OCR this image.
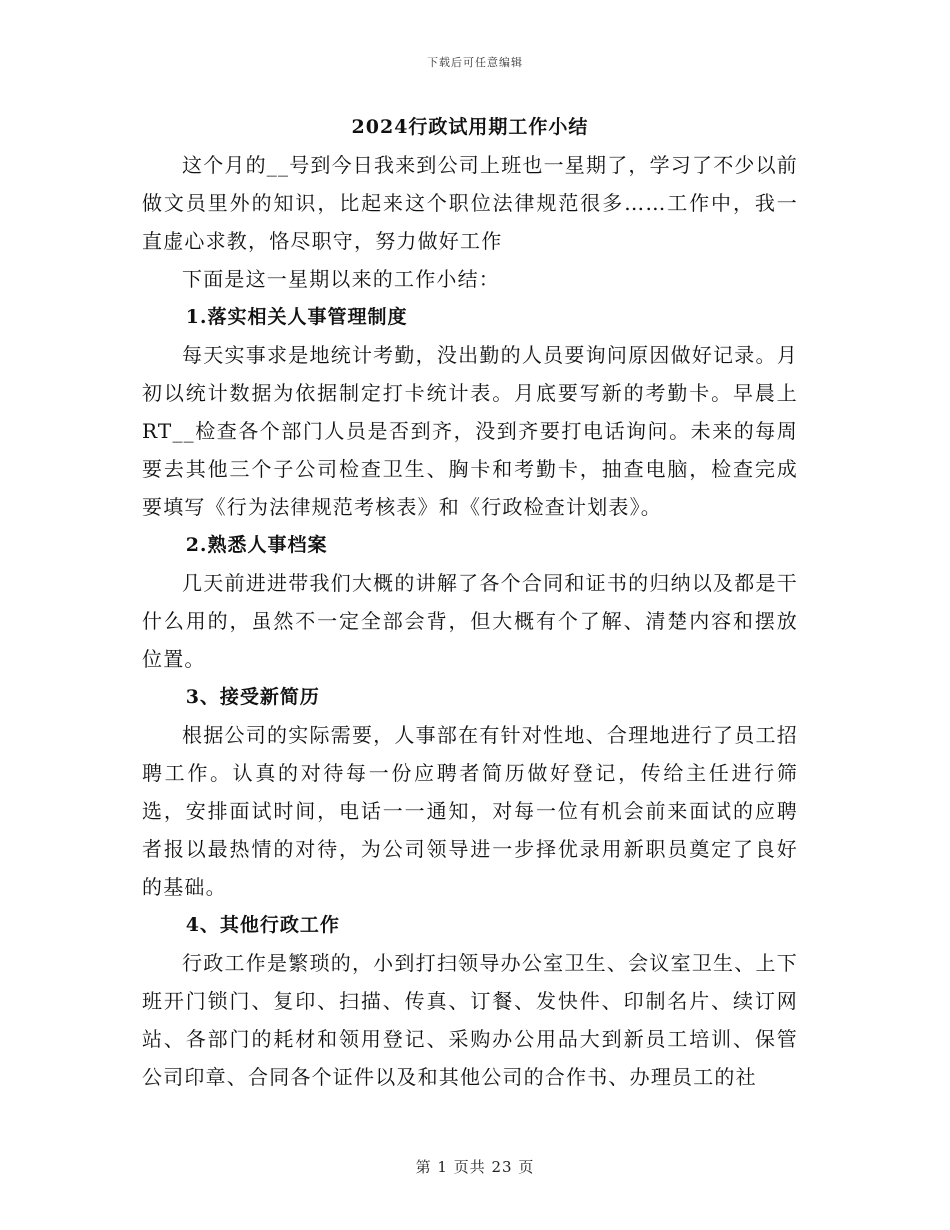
下载后可任意编辑
2024行政试用期工作小结

这个月的__号到今日我来到公司上班也一星期了，学习了不少以前做文员里外的知识，比起来这个职位法律规范很多……工作中，我一直虚心求教，恪尽职守，努力做好工作

下面是这一星期以来的工作小结：

1.落实相关人事管理制度

每天实事求是地统计考勤，没出勤的人员要询问原因做好记录。月初以统计数据为依据制定打卡统计表。月底要写新的考勤卡。早晨上RT__检查各个部门人员是否到齐，没到齐要打电话询问。未来的每周要去其他三个子公司检查卫生、胸卡和考勤卡，抽查电脑，检查完成要填写《行为法律规范考核表》和《行政检查计划表》。

2.熟悉人事档案

几天前进进带我们大概的讲解了各个合同和证书的归纳以及都是干什么用的，虽然不一定全部会背，但大概有个了解、清楚内容和摆放位置。

3、接受新简历

根据公司的实际需要，人事部在有针对性地、合理地进行了员工招聘工作。认真的对待每一份应聘者简历做好登记，传给主任进行筛选，安排面试时间，电话一一通知，对每一位有机会前来面试的应聘者报以最热情的对待，为公司领导进一步择优录用新职员奠定了良好的基础。

4、其他行政工作

行政工作是繁琐的，小到打扫领导办公室卫生、会议室卫生、上下班开门锁门、复印、扫描、传真、订餐、发快件、印制名片、续订网站、各部门的耗材和领用登记、采购办公用品大到新员工培训、保管公司印章、合同各个证件以及和其他公司的合作书、办理员工的社

第 1 页共 23 页
